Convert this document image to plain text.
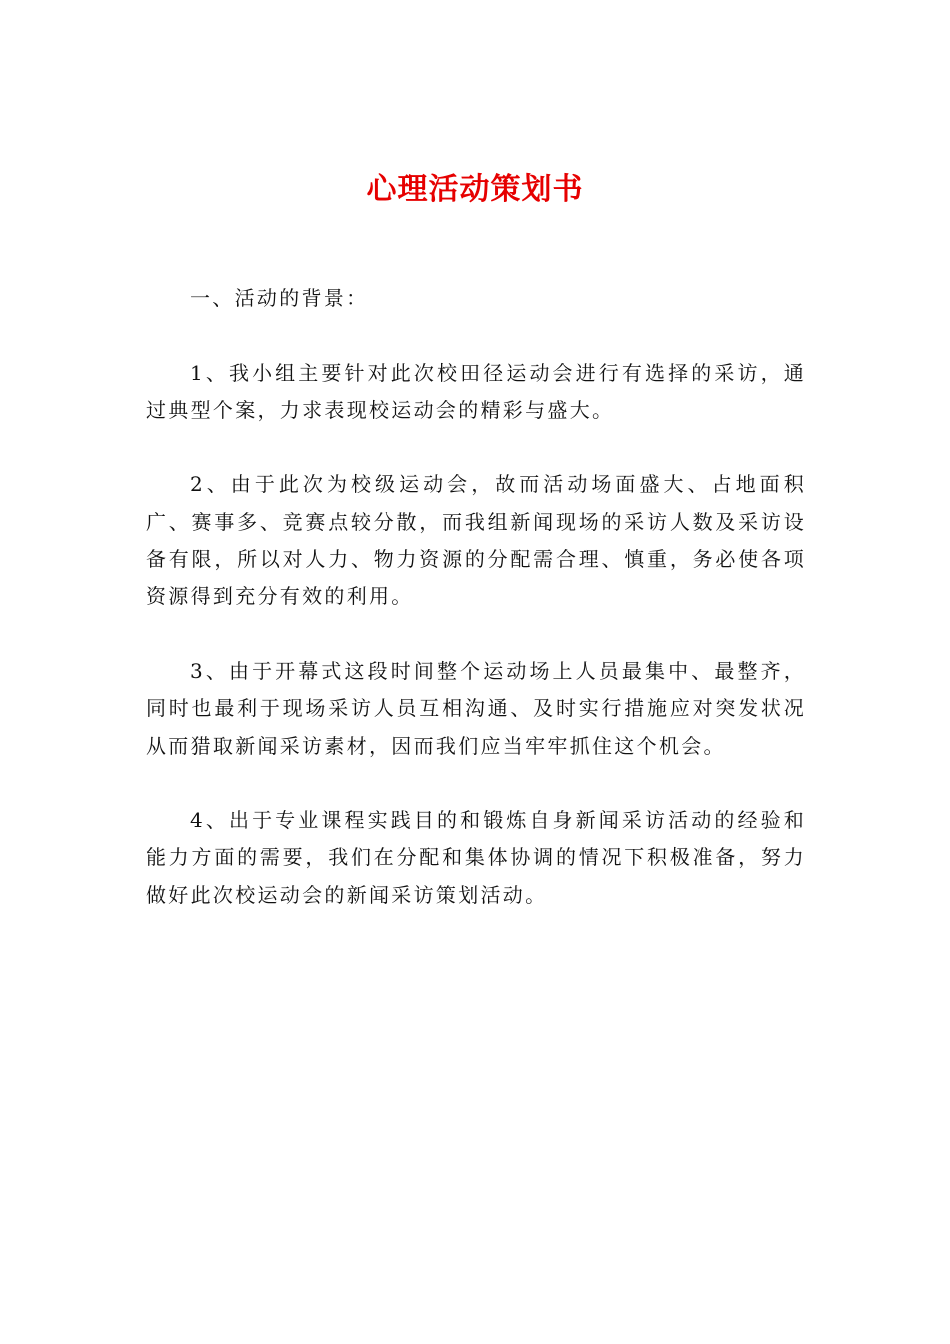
心理活动策划书

一、活动的背景：

1、我小组主要针对此次校田径运动会进行有选择的采访，通过典型个案，力求表现校运动会的精彩与盛大。

2、由于此次为校级运动会，故而活动场面盛大、占地面积广、赛事多、竞赛点较分散，而我组新闻现场的采访人数及采访设备有限，所以对人力、物力资源的分配需合理、慎重，务必使各项资源得到充分有效的利用。

3、由于开幕式这段时间整个运动场上人员最集中、最整齐，同时也最利于现场采访人员互相沟通、及时实行措施应对突发状况从而猎取新闻采访素材，因而我们应当牢牢抓住这个机会。

4、出于专业课程实践目的和锻炼自身新闻采访活动的经验和能力方面的需要，我们在分配和集体协调的情况下积极准备，努力做好此次校运动会的新闻采访策划活动。
